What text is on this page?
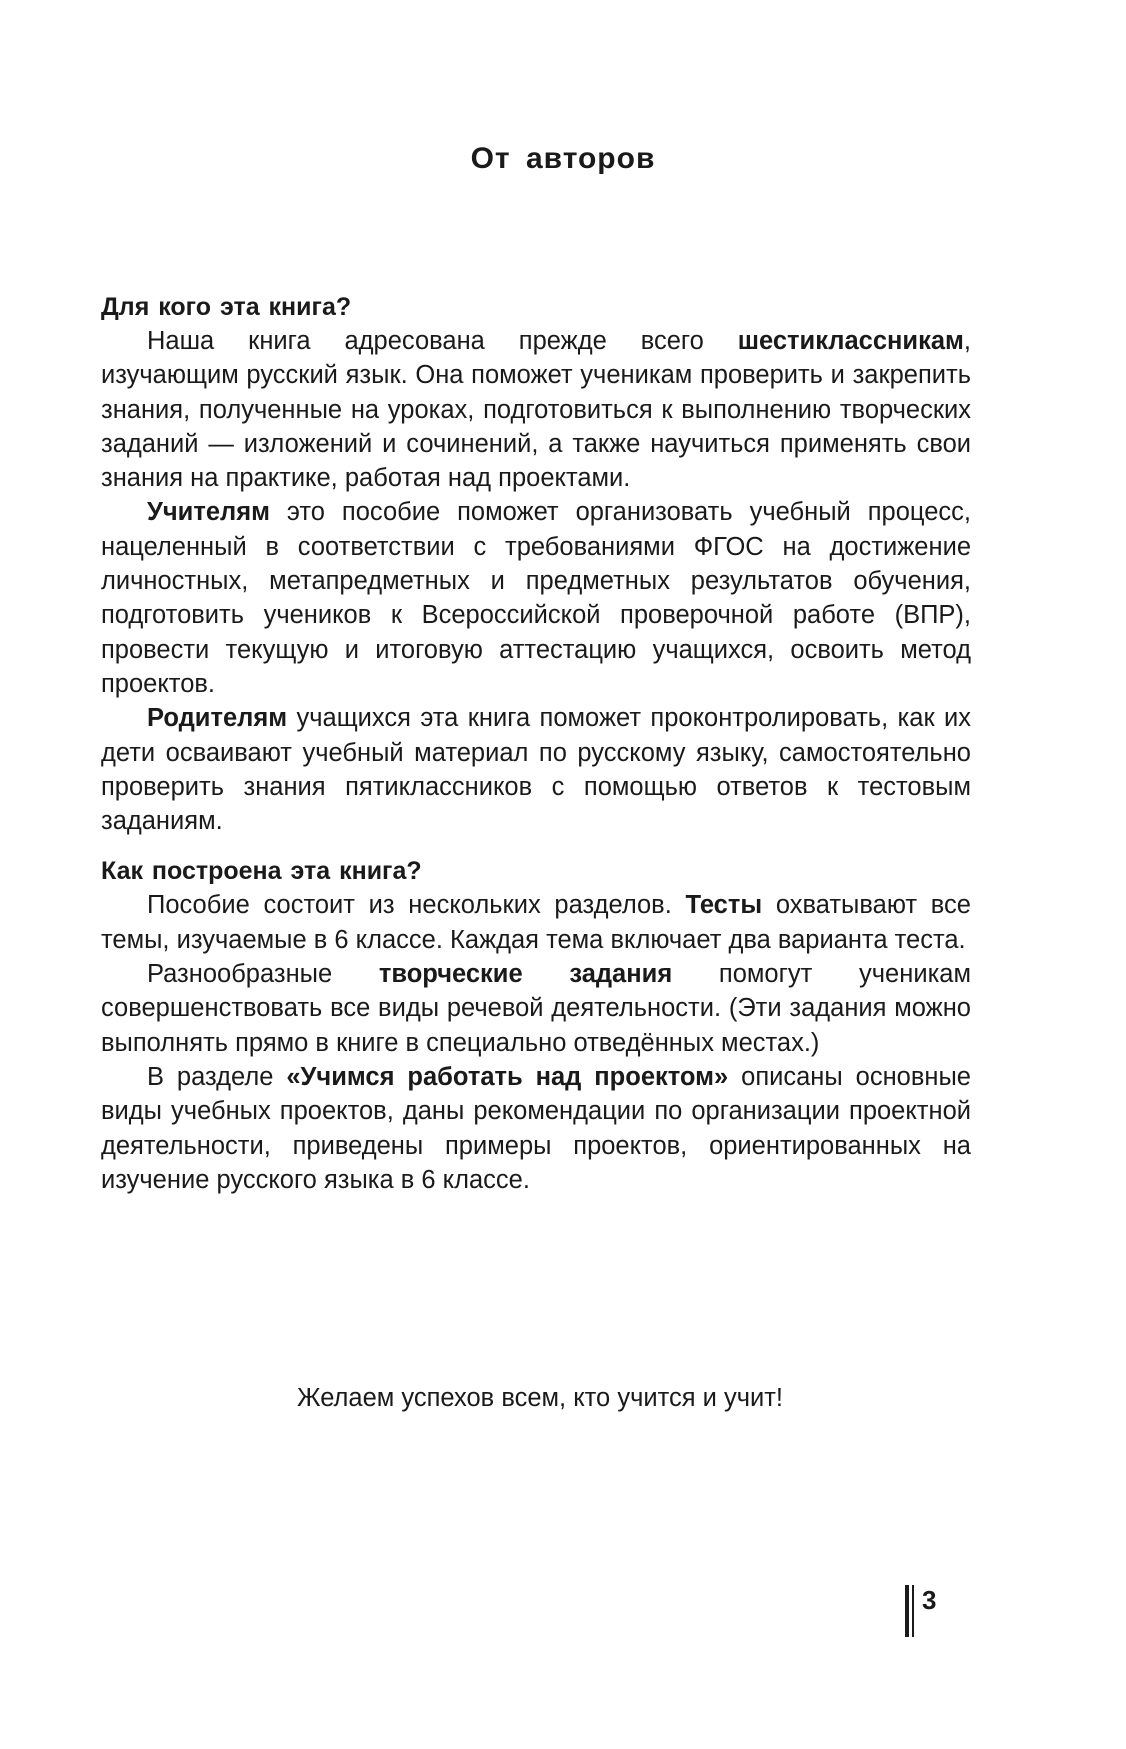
От авторов
Для кого эта книга?

Наша книга адресована прежде всего шестиклассникам, изучающим русский язык. Она поможет ученикам проверить и закрепить знания, полученные на уроках, подготовиться к выполнению творческих заданий — изложений и сочинений, а также научиться применять свои знания на практике, работая над проектами.

Учителям это пособие поможет организовать учебный процесс, нацеленный в соответствии с требованиями ФГОС на достижение личностных, метапредметных и предметных результатов обучения, подготовить учеников к Всероссийской проверочной работе (ВПР), провести текущую и итоговую аттестацию учащихся, освоить метод проектов.

Родителям учащихся эта книга поможет проконтролировать, как их дети осваивают учебный материал по русскому языку, самостоятельно проверить знания пятиклассников с помощью ответов к тестовым заданиям.

Как построена эта книга?

Пособие состоит из нескольких разделов. Тесты охватывают все темы, изучаемые в 6 классе. Каждая тема включает два варианта теста.

Разнообразные творческие задания помогут ученикам совершенствовать все виды речевой деятельности. (Эти задания можно выполнять прямо в книге в специально отведённых местах.)

В разделе «Учимся работать над проектом» описаны основные виды учебных проектов, даны рекомендации по организации проектной деятельности, приведены примеры проектов, ориентированных на изучение русского языка в 6 классе.

Желаем успехов всем, кто учится и учит!

3
